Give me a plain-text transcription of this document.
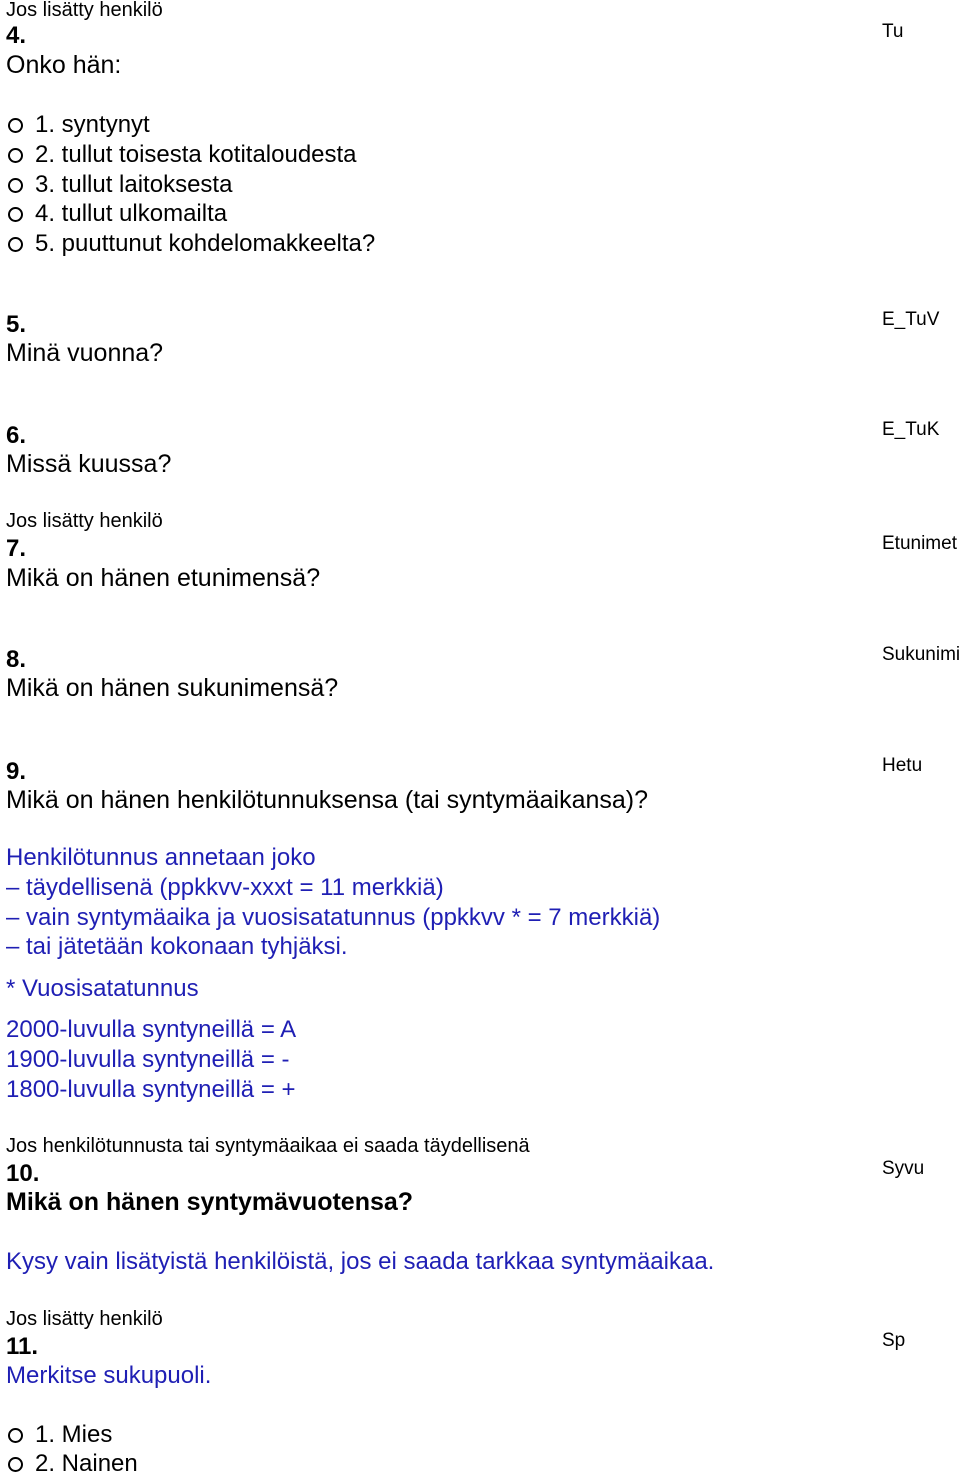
Jos lisätty henkilö
4.
Onko hän:
Tu
1. syntynyt
2. tullut toisesta kotitaloudesta
3. tullut laitoksesta
4. tullut ulkomailta
5. puuttunut kohdelomakkeelta?
5.
Minä vuonna?
E_TuV
6.
Missä kuussa?
E_TuK
Jos lisätty henkilö
7.
Mikä on hänen etunimensä?
Etunimet
8.
Mikä on hänen sukunimensä?
Sukunimi
9.
Mikä on hänen henkilötunnuksensa (tai syntymäaikansa)?
Hetu
Henkilötunnus annetaan joko
– täydellisenä (ppkkvv-xxxt = 11 merkkiä)
– vain syntymäaika ja vuosisatatunnus (ppkkvv * = 7 merkkiä)
– tai jätetään kokonaan tyhjäksi.
* Vuosisatatunnus
2000-luvulla syntyneillä = A
1900-luvulla syntyneillä = -
1800-luvulla syntyneillä = +
Jos henkilötunnusta tai syntymäaikaa ei saada täydellisenä
10.
Mikä on hänen syntymävuotensa?
Syvu
Kysy vain lisätyistä henkilöistä, jos ei saada tarkkaa syntymäaikaa.
Jos lisätty henkilö
11.
Merkitse sukupuoli.
Sp
1. Mies
2. Nainen
